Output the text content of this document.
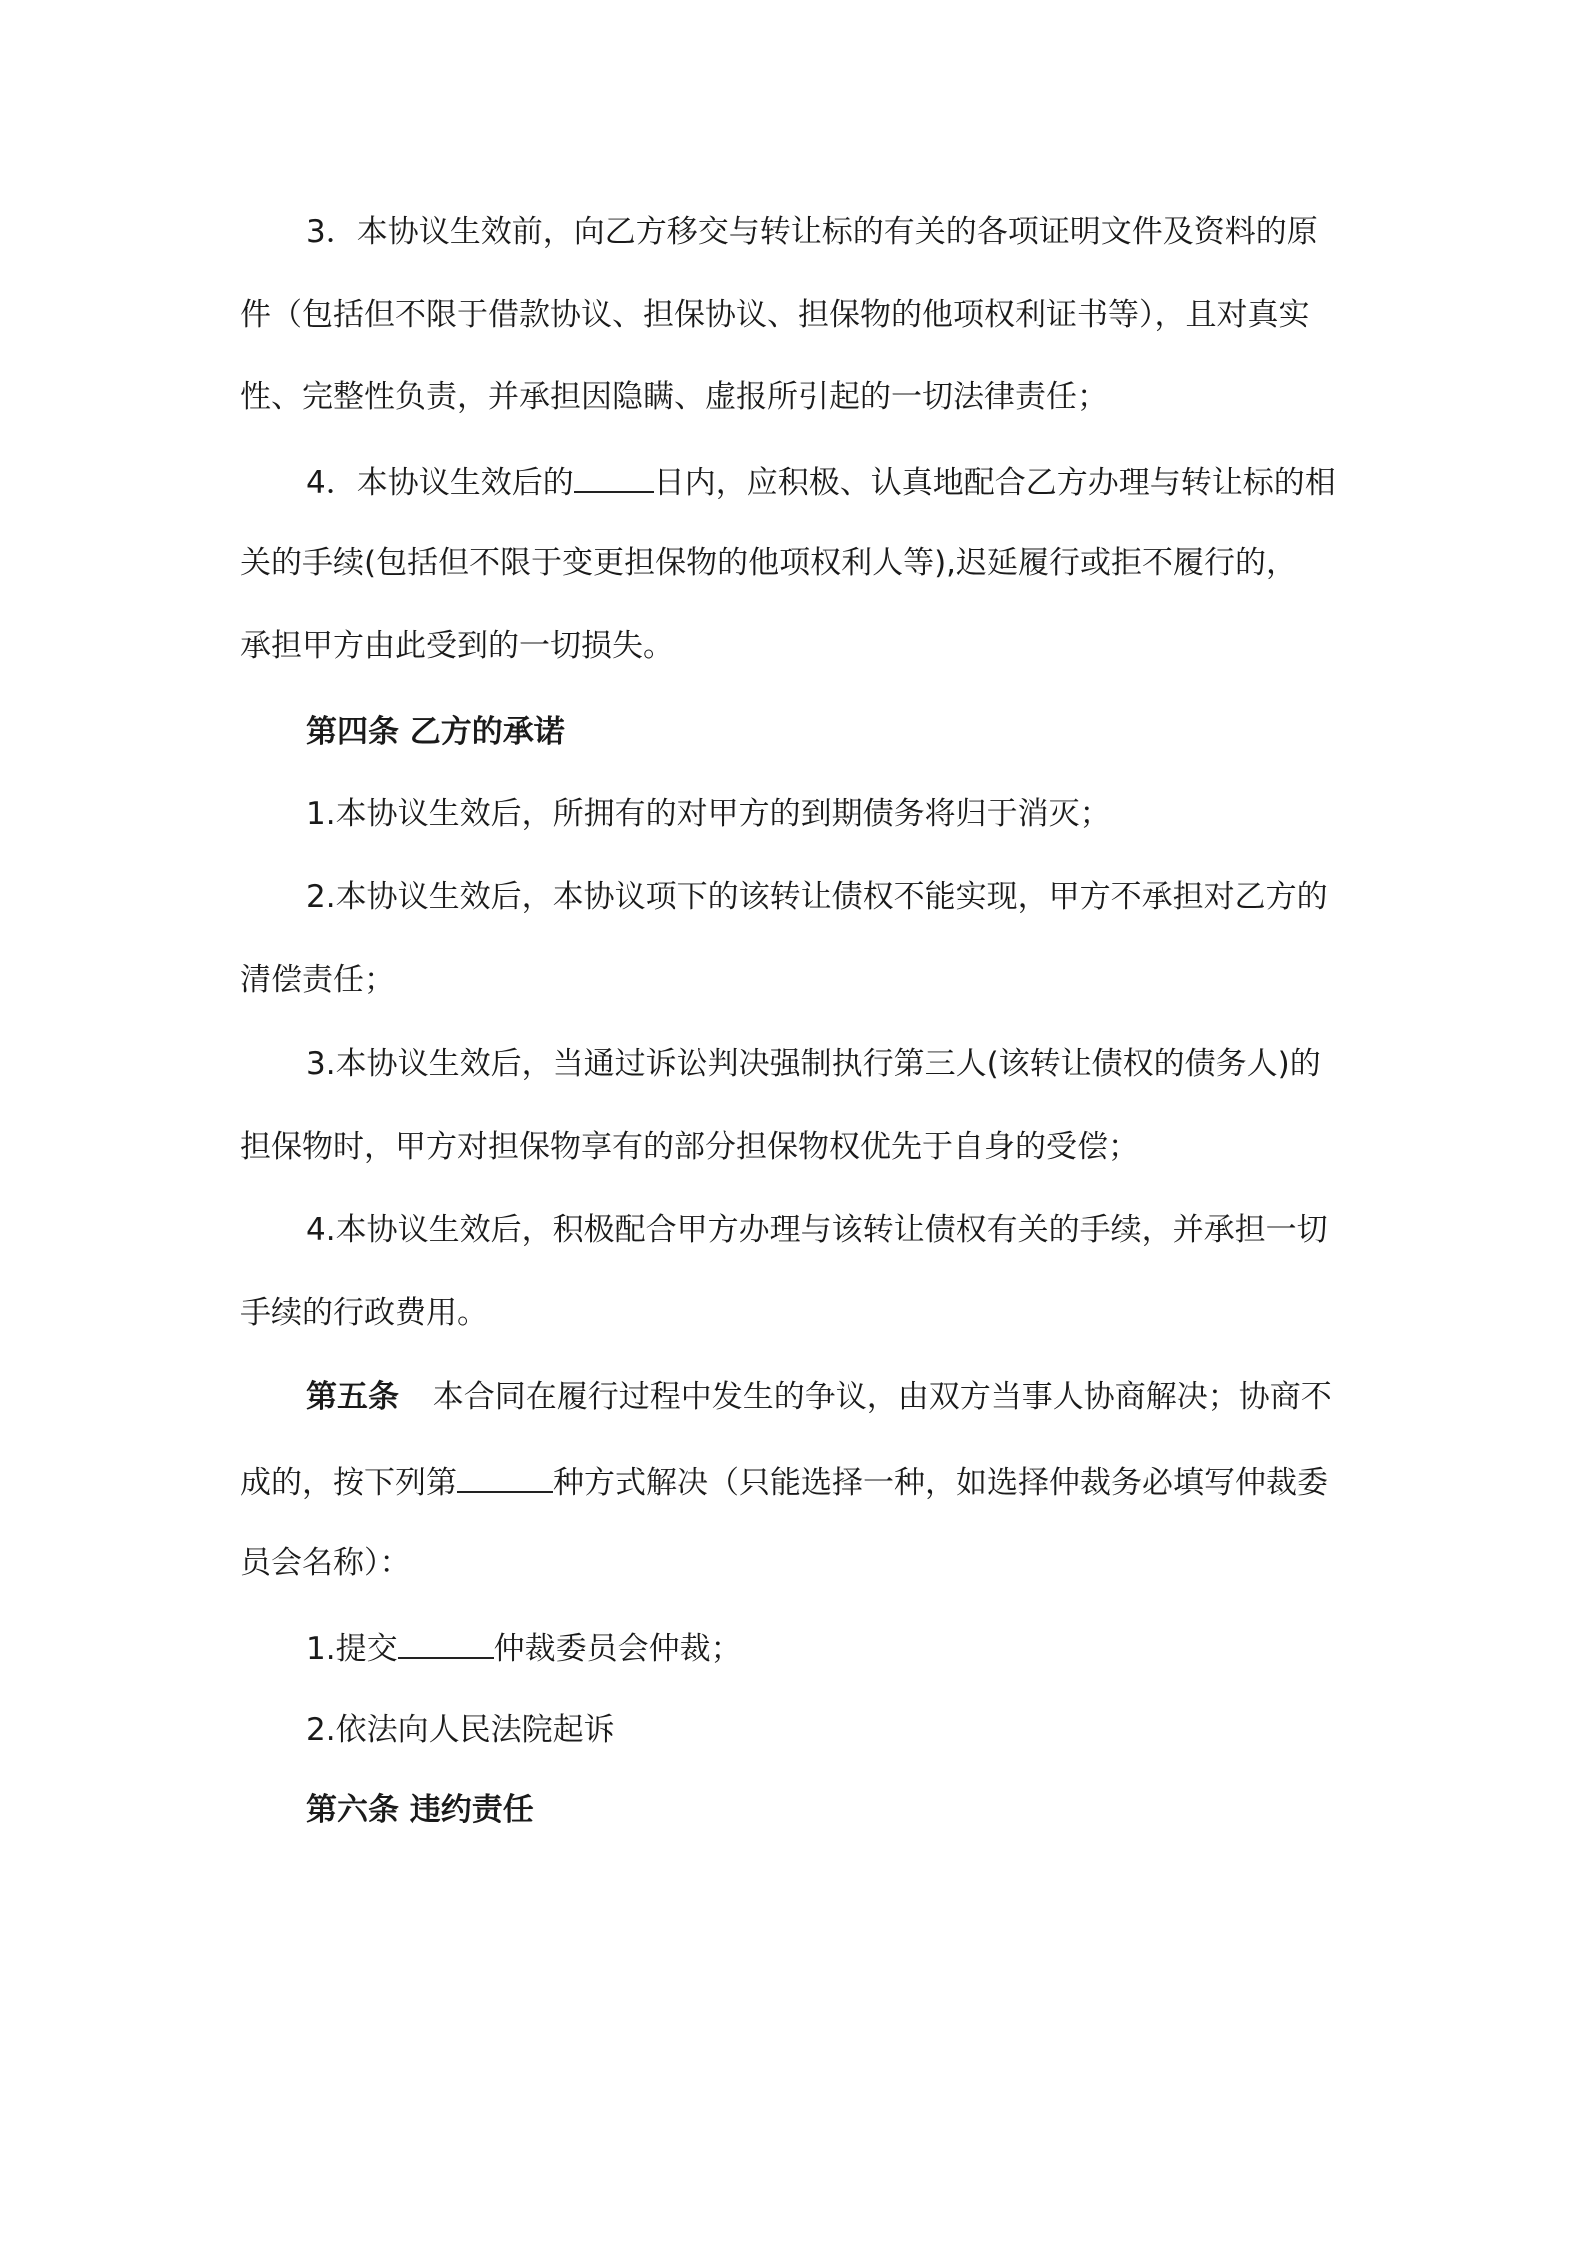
3．本协议生效前，向乙方移交与转让标的有关的各项证明文件及资料的原
件（包括但不限于借款协议、担保协议、担保物的他项权利证书等），且对真实
性、完整性负责，并承担因隐瞒、虚报所引起的一切法律责任；
4．本协议生效后的	日内，应积极、认真地配合乙方办理与转让标的相
关的手续(包括但不限于变更担保物的他项权利人等),迟延履行或拒不履行的，
承担甲方由此受到的一切损失。
第四条 乙方的承诺
1.本协议生效后，所拥有的对甲方的到期债务将归于消灭；
2.本协议生效后，本协议项下的该转让债权不能实现，甲方不承担对乙方的
清偿责任；
3.本协议生效后，当通过诉讼判决强制执行第三人(该转让债权的债务人)的
担保物时，甲方对担保物享有的部分担保物权优先于自身的受偿；
4.本协议生效后，积极配合甲方办理与该转让债权有关的手续，并承担一切
手续的行政费用。
第五条 本合同在履行过程中发生的争议，由双方当事人协商解决；协商不
成的，按下列第	种方式解决（只能选择一种，如选择仲裁务必填写仲裁委
员会名称）：
1.提交	仲裁委员会仲裁；
2.依法向人民法院起诉
第六条 违约责任
